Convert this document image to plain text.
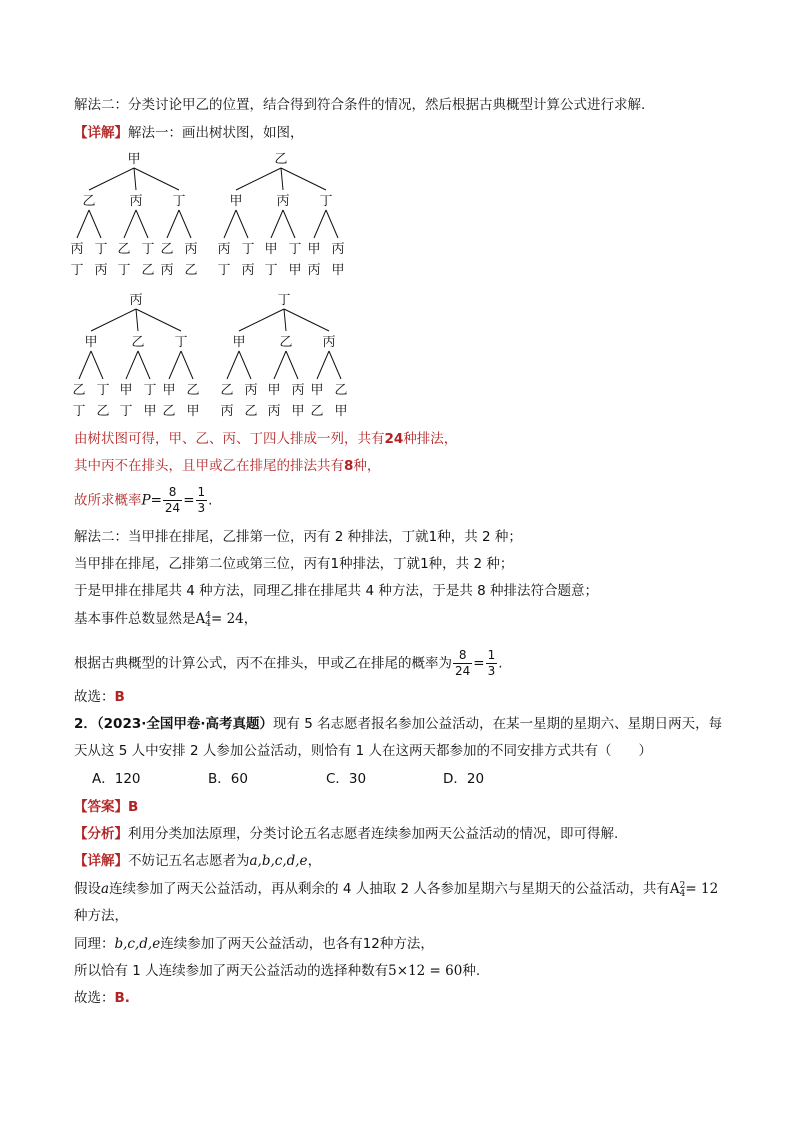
解法二：分类讨论甲乙的位置，结合得到符合条件的情况，然后根据古典概型计算公式进行求解.
【详解】解法一：画出树状图，如图，
甲
乙
丙
丁
丁
丙
丙
乙
丁
丁
乙
丁
乙
丙
丙
乙
乙
甲
丙
丁
丁
丙
丙
甲
丁
丁
甲
丁
甲
丙
丙
甲
丙
甲
乙
丁
丁
乙
乙
甲
丁
丁
甲
丁
甲
乙
乙
甲
丁
甲
乙
丙
丙
乙
乙
甲
丙
丙
甲
丙
甲
乙
乙
甲
由树状图可得，甲、乙、丙、丁四人排成一列，共有24种排法，
其中丙不在排头，且甲或乙在排尾的排法共有8种，
故所求概率$P= \frac{8}{24} = \frac{1}{3}$ .
解法二：当甲排在排尾，乙排第一位，丙有 2 种排法，丁就1种，共 2 种；
当甲排在排尾，乙排第二位或第三位，丙有1种排法，丁就1种，共 2 种；
于是甲排在排尾共 4 种方法，同理乙排在排尾共 4 种方法，于是共 8 种排法符合题意；
基本事件总数显然是A 4
4 = 24，
根据古典概型的计算公式，丙不在排头，甲或乙在排尾的概率为 $\frac{8}{24} = \frac{1}{3}$ .
故选：B
2．（2023·全国甲卷·高考真题）现有 5 名志愿者报名参加公益活动，在某一星期的星期六、星期日两天，每
天从这 5 人中安排 2 人参加公益活动，则恰有 1 人在这两天都参加的不同安排方式共有（　　）
A．120	B．60	C．30	D．20
【答案】B
【分析】利用分类加法原理，分类讨论五名志愿者连续参加两天公益活动的情况，即可得解.
【详解】不妨记五名志愿者为a,b,c,d,e，
假设a连续参加了两天公益活动，再从剩余的 4 人抽取 2 人各参加星期六与星期天的公益活动，共有A 2
4 = 12
种方法，
同理：b,c,d,e连续参加了两天公益活动，也各有12种方法，
所以恰有 1 人连续参加了两天公益活动的选择种数有5×12 = 60种.
故选：B.
